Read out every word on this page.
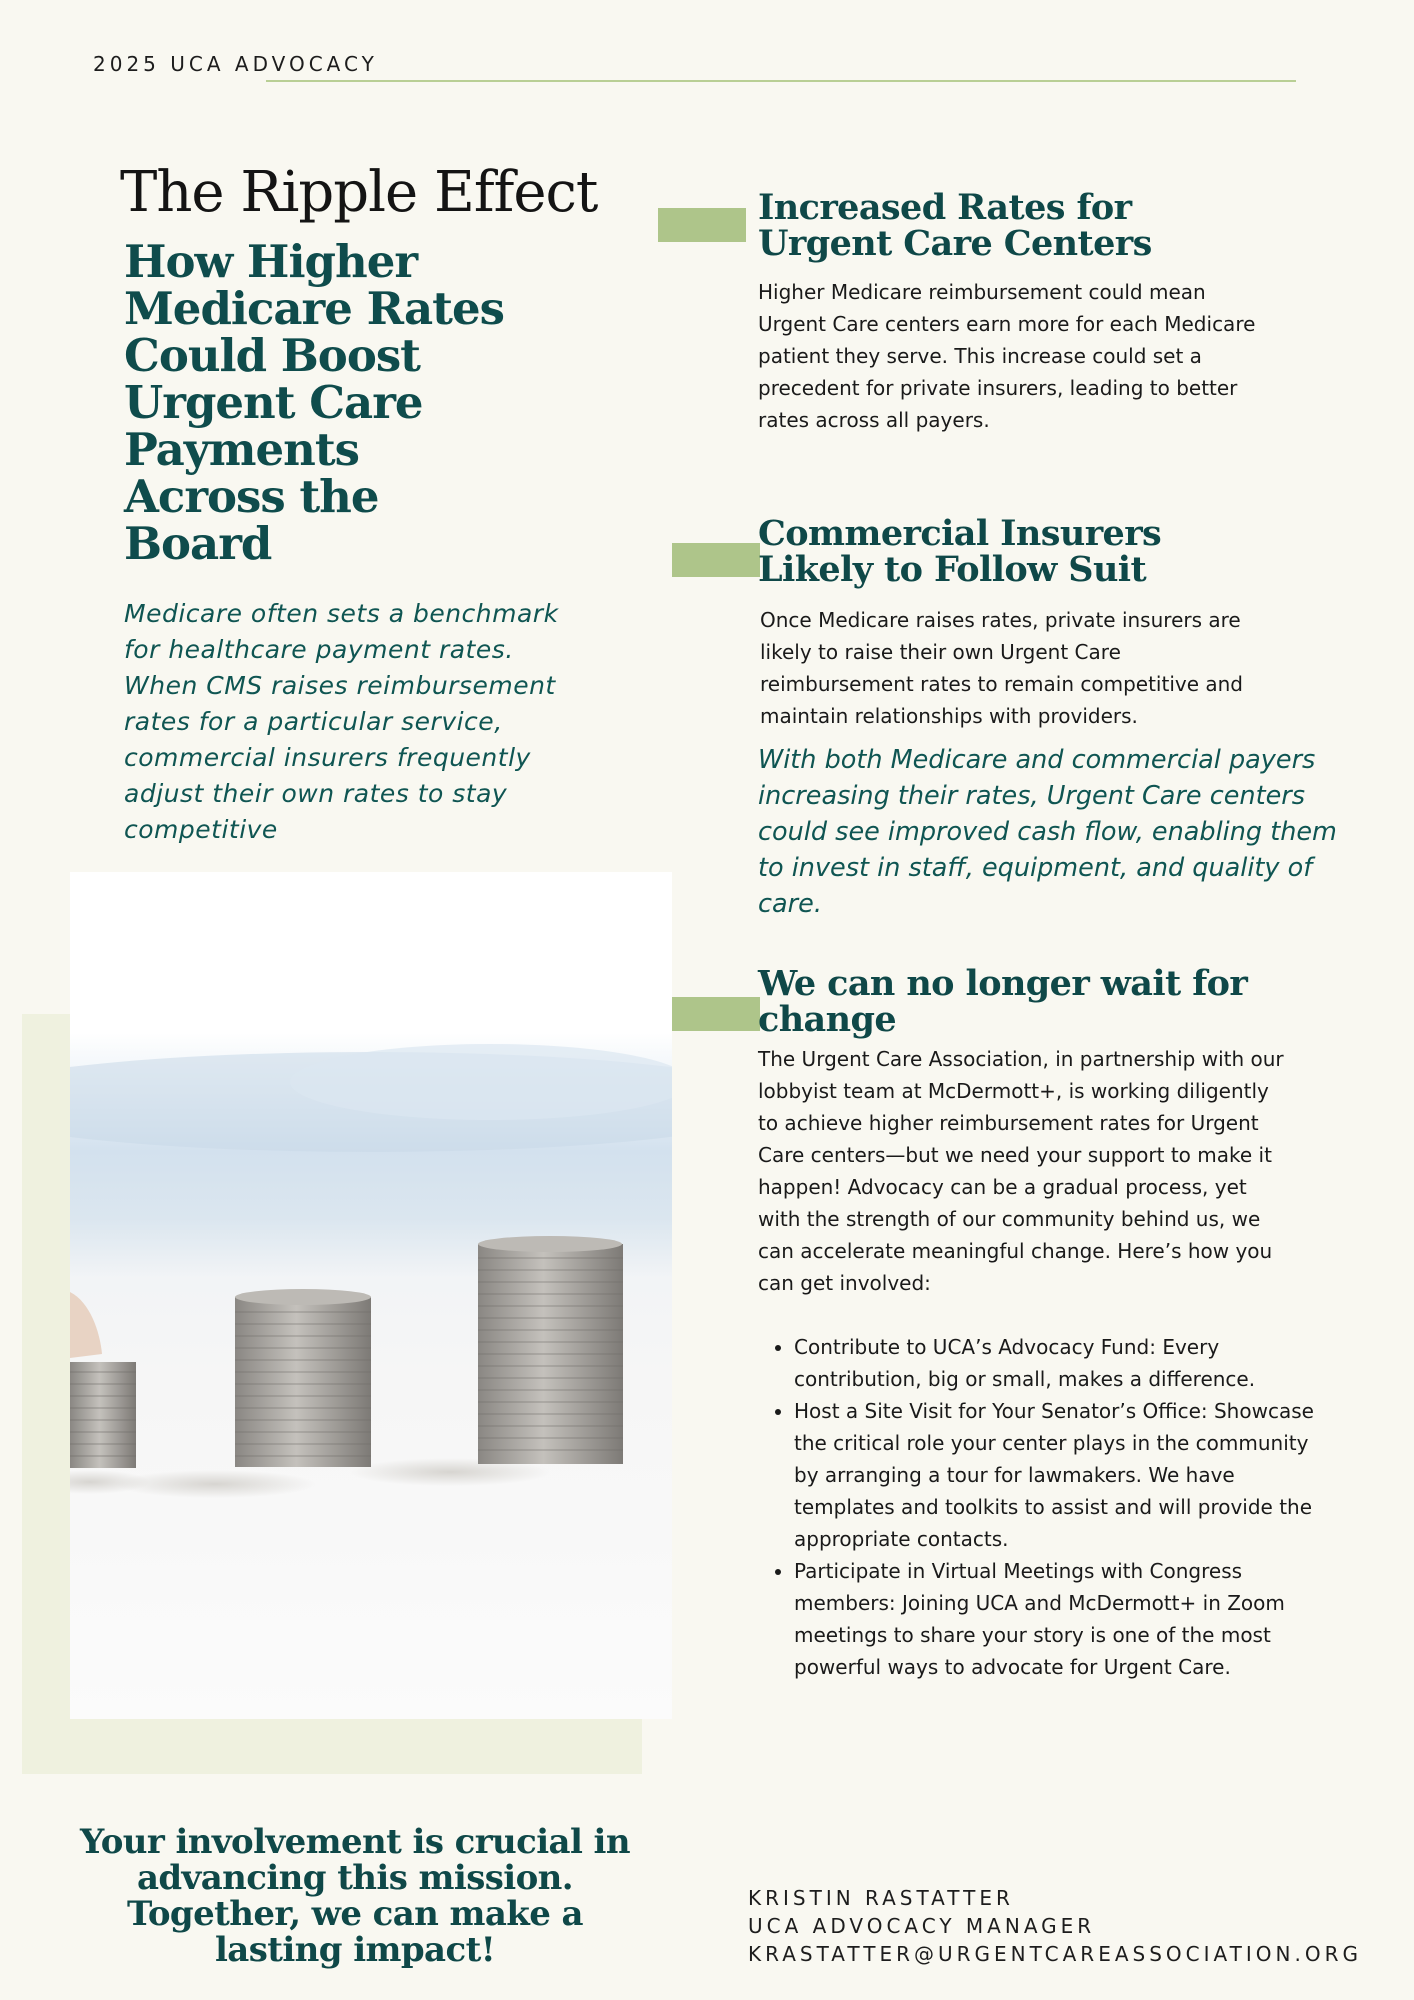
2025 UCA ADVOCACY
The Ripple Effect
How Higher Medicare Rates Could Boost Urgent Care Payments Across the Board
Medicare often sets a benchmark for healthcare payment rates. When CMS raises reimbursement rates for a particular service, commercial insurers frequently adjust their own rates to stay competitive
Increased Rates for Urgent Care Centers
Higher Medicare reimbursement could mean Urgent Care centers earn more for each Medicare patient they serve. This increase could set a precedent for private insurers, leading to better rates across all payers.
Commercial Insurers Likely to Follow Suit
Once Medicare raises rates, private insurers are likely to raise their own Urgent Care reimbursement rates to remain competitive and maintain relationships with providers.
With both Medicare and commercial payers increasing their rates, Urgent Care centers could see improved cash flow, enabling them to invest in staff, equipment, and quality of care.
We can no longer wait for change
The Urgent Care Association, in partnership with our lobbyist team at McDermott+, is working diligently to achieve higher reimbursement rates for Urgent Care centers—but we need your support to make it happen! Advocacy can be a gradual process, yet with the strength of our community behind us, we can accelerate meaningful change. Here’s how you can get involved:
• Contribute to UCA’s Advocacy Fund: Every contribution, big or small, makes a difference.
• Host a Site Visit for Your Senator’s Office: Showcase the critical role your center plays in the community by arranging a tour for lawmakers. We have templates and toolkits to assist and will provide the appropriate contacts.
• Participate in Virtual Meetings with Congress members: Joining UCA and McDermott+ in Zoom meetings to share your story is one of the most powerful ways to advocate for Urgent Care.
Your involvement is crucial in advancing this mission. Together, we can make a lasting impact!
KRISTIN RASTATTER
UCA ADVOCACY MANAGER
KRASTATTER@URGENTCAREASSOCIATION.ORG
